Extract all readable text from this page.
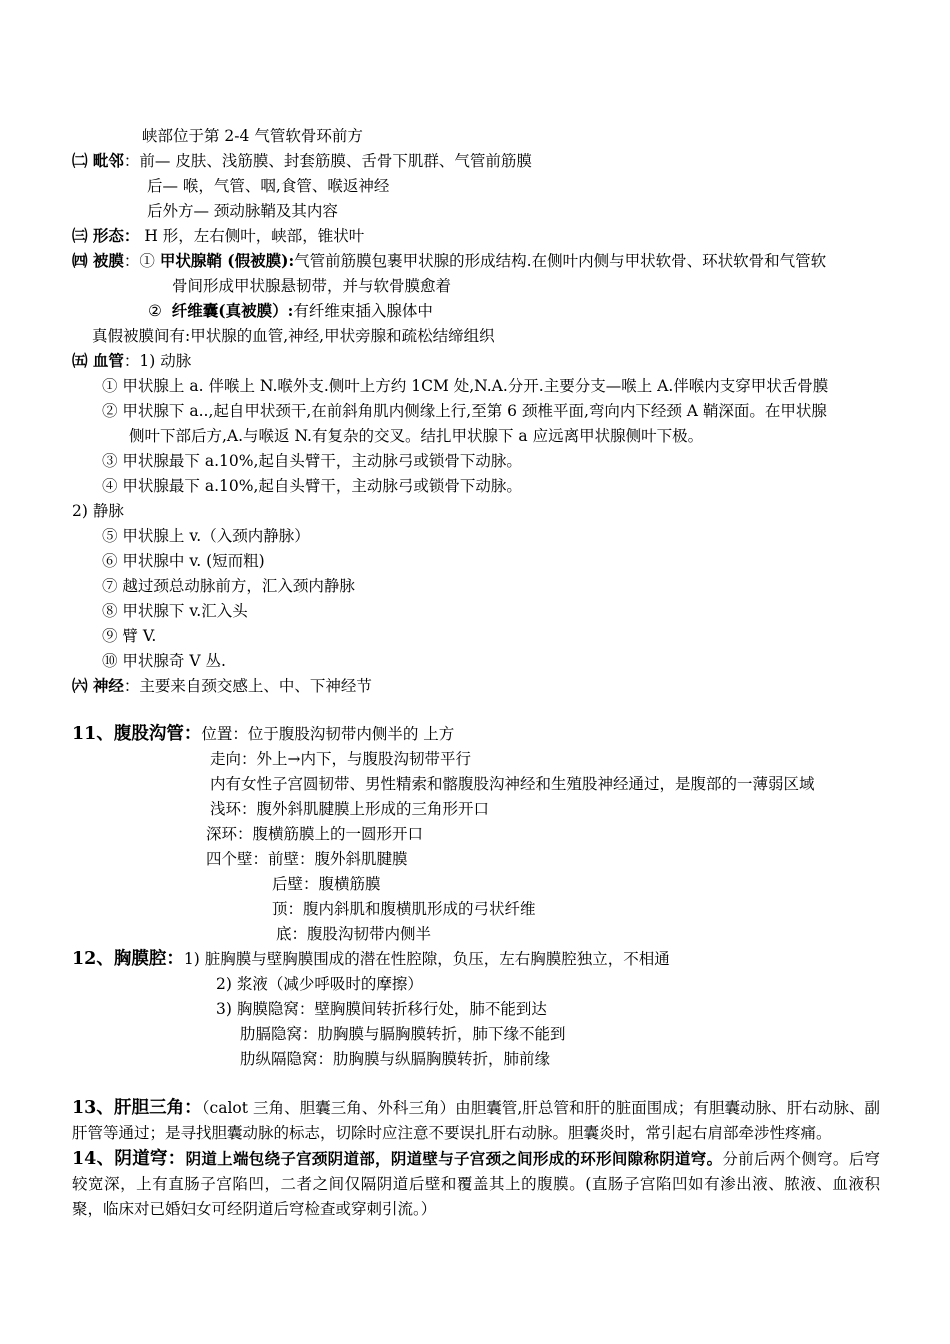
峡部位于第 2-4 气管软骨环前方
㈡ 毗邻：前— 皮肤、浅筋膜、封套筋膜、舌骨下肌群、气管前筋膜
后— 喉，气管、咽,食管、喉返神经
后外方— 颈动脉鞘及其内容
㈢ 形态： H 形，左右侧叶，峡部，锥状叶
㈣ 被膜：① 甲状腺鞘 (假被膜):气管前筋膜包裹甲状腺的形成结构.在侧叶内侧与甲状软骨、环状软骨和气管软
骨间形成甲状腺悬韧带，并与软骨膜愈着
② 纤维囊(真被膜）:有纤维束插入腺体中
真假被膜间有:甲状腺的血管,神经,甲状旁腺和疏松结缔组织
㈤ 血管：1) 动脉
① 甲状腺上 a. 伴喉上 N.喉外支.侧叶上方约 1CM 处,N.A.分开.主要分支—喉上 A.伴喉内支穿甲状舌骨膜
② 甲状腺下 a..,起自甲状颈干,在前斜角肌内侧缘上行,至第 6 颈椎平面,弯向内下经颈 A 鞘深面。在甲状腺
侧叶下部后方,A.与喉返 N.有复杂的交叉。结扎甲状腺下 a 应远离甲状腺侧叶下极。
③ 甲状腺最下 a.10%,起自头臂干，主动脉弓或锁骨下动脉。
④ 甲状腺最下 a.10%,起自头臂干，主动脉弓或锁骨下动脉。
2) 静脉
⑤ 甲状腺上 v.（入颈内静脉）
⑥ 甲状腺中 v. (短而粗)
⑦ 越过颈总动脉前方，汇入颈内静脉
⑧ 甲状腺下 v.汇入头
⑨ 臂 V.
⑩ 甲状腺奇 V 丛.
㈥ 神经：主要来自颈交感上、中、下神经节
11、腹股沟管：位置：位于腹股沟韧带内侧半的 上方
走向：外上→内下，与腹股沟韧带平行
内有女性子宫圆韧带、男性精索和髂腹股沟神经和生殖股神经通过，是腹部的一薄弱区域
浅环：腹外斜肌腱膜上形成的三角形开口
深环：腹横筋膜上的一圆形开口
四个壁：前壁：腹外斜肌腱膜
后壁：腹横筋膜
顶：腹内斜肌和腹横肌形成的弓状纤维
底：腹股沟韧带内侧半
12、胸膜腔：1) 脏胸膜与壁胸膜围成的潜在性腔隙，负压，左右胸膜腔独立，不相通
2) 浆液（减少呼吸时的摩擦）
3) 胸膜隐窝：壁胸膜间转折移行处，肺不能到达
肋膈隐窝：肋胸膜与膈胸膜转折，肺下缘不能到
肋纵隔隐窝：肋胸膜与纵膈胸膜转折，肺前缘
13、肝胆三角：（calot 三角、胆囊三角、外科三角）由胆囊管,肝总管和肝的脏面围成；有胆囊动脉、肝右动脉、副肝管等通过；是寻找胆囊动脉的标志，切除时应注意不要误扎肝右动脉。胆囊炎时，常引起右肩部牵涉性疼痛。
14、阴道穹：阴道上端包绕子宫颈阴道部，阴道壁与子宫颈之间形成的环形间隙称阴道穹。分前后两个侧穹。后穹较宽深，上有直肠子宫陷凹，二者之间仅隔阴道后壁和覆盖其上的腹膜。(直肠子宫陷凹如有渗出液、脓液、血液积聚，临床对已婚妇女可经阴道后穹检查或穿刺引流。）
